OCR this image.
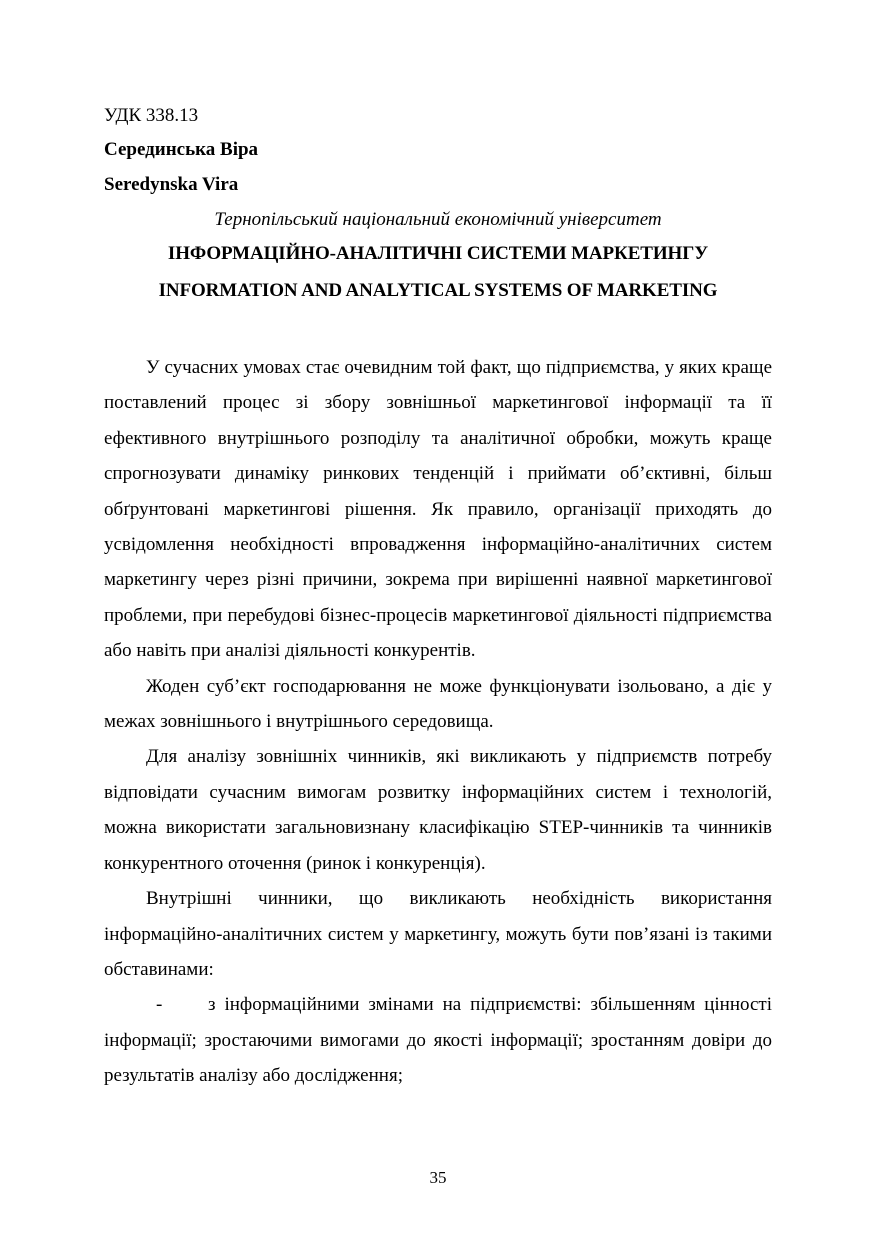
УДК 338.13

Серединська Віра

Seredynska Vira

Тернопільський національний економічний університет

ІНФОРМАЦІЙНО-АНАЛІТИЧНІ СИСТЕМИ МАРКЕТИНГУ

INFORMATION AND ANALYTICAL SYSTEMS OF MARKETING

У сучасних умовах стає очевидним той факт, що підприємства, у яких краще поставлений процес зі збору зовнішньої маркетингової інформації та її ефективного внутрішнього розподілу та аналітичної обробки, можуть краще спрогнозувати динаміку ринкових тенденцій і приймати об’єктивні, більш обґрунтовані маркетингові рішення. Як правило, організації приходять до усвідомлення необхідності впровадження інформаційно-аналітичних систем маркетингу через різні причини, зокрема при вирішенні наявної маркетингової проблеми, при перебудові бізнес-процесів маркетингової діяльності підприємства або навіть при аналізі діяльності конкурентів.

Жоден суб’єкт господарювання не може функціонувати ізольовано, а діє у межах зовнішнього і внутрішнього середовища.

Для аналізу зовнішніх чинників, які викликають у підприємств потребу відповідати сучасним вимогам розвитку інформаційних систем і технологій, можна використати загальновизнану класифікацію STEP-чинників та чинників конкурентного оточення (ринок і конкуренція).

Внутрішні чинники, що викликають необхідність використання інформаційно-аналітичних систем у маркетингу, можуть бути пов’язані із такими обставинами:

- з інформаційними змінами на підприємстві: збільшенням цінності інформації; зростаючими вимогами до якості інформації; зростанням довіри до результатів аналізу або дослідження;

35
